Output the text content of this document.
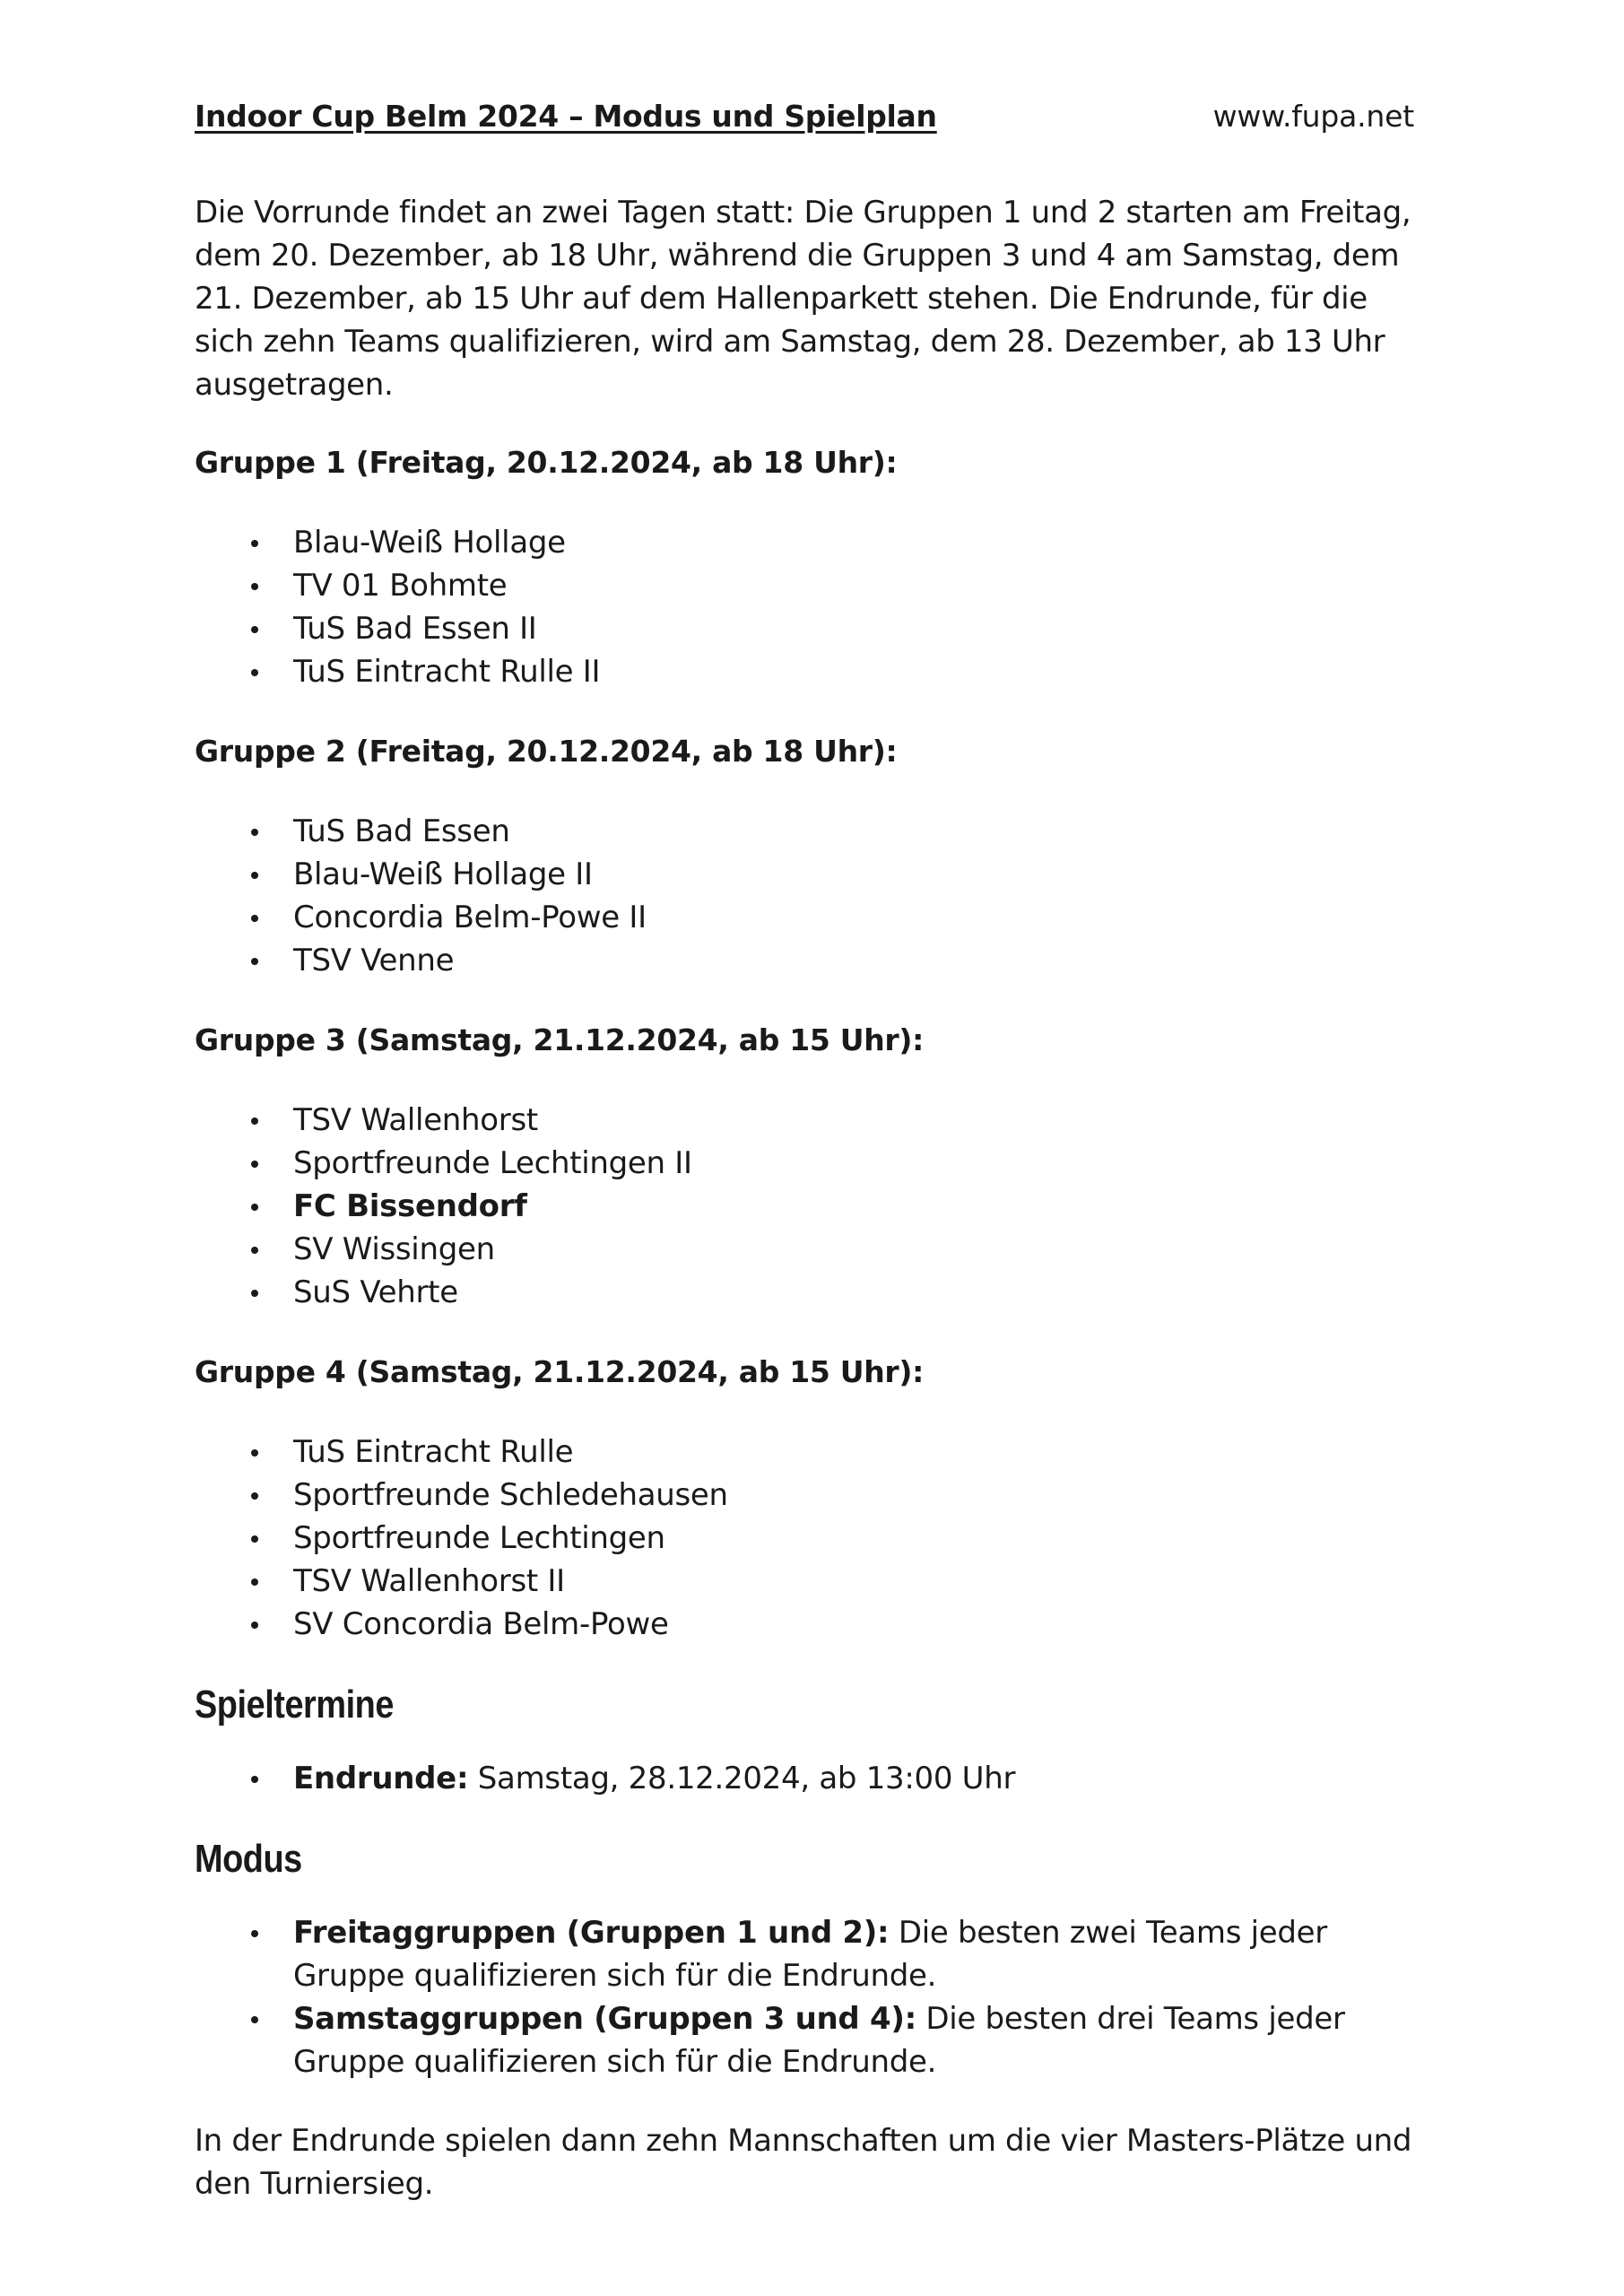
Indoor Cup Belm 2024 – Modus und Spielplan	www.fupa.net

Die Vorrunde findet an zwei Tagen statt: Die Gruppen 1 und 2 starten am Freitag, dem 20. Dezember, ab 18 Uhr, während die Gruppen 3 und 4 am Samstag, dem 21. Dezember, ab 15 Uhr auf dem Hallenparkett stehen. Die Endrunde, für die sich zehn Teams qualifizieren, wird am Samstag, dem 28. Dezember, ab 13 Uhr ausgetragen.

Gruppe 1 (Freitag, 20.12.2024, ab 18 Uhr):
Blau-Weiß Hollage
TV 01 Bohmte
TuS Bad Essen II
TuS Eintracht Rulle II
Gruppe 2 (Freitag, 20.12.2024, ab 18 Uhr):
TuS Bad Essen
Blau-Weiß Hollage II
Concordia Belm-Powe II
TSV Venne
Gruppe 3 (Samstag, 21.12.2024, ab 15 Uhr):
TSV Wallenhorst
Sportfreunde Lechtingen II
FC Bissendorf
SV Wissingen
SuS Vehrte
Gruppe 4 (Samstag, 21.12.2024, ab 15 Uhr):
TuS Eintracht Rulle
Sportfreunde Schledehausen
Sportfreunde Lechtingen
TSV Wallenhorst II
SV Concordia Belm-Powe
Spieltermine
Endrunde: Samstag, 28.12.2024, ab 13:00 Uhr
Modus
Freitaggruppen (Gruppen 1 und 2): Die besten zwei Teams jeder Gruppe qualifizieren sich für die Endrunde.
Samstaggruppen (Gruppen 3 und 4): Die besten drei Teams jeder Gruppe qualifizieren sich für die Endrunde.

In der Endrunde spielen dann zehn Mannschaften um die vier Masters-Plätze und den Turniersieg.
